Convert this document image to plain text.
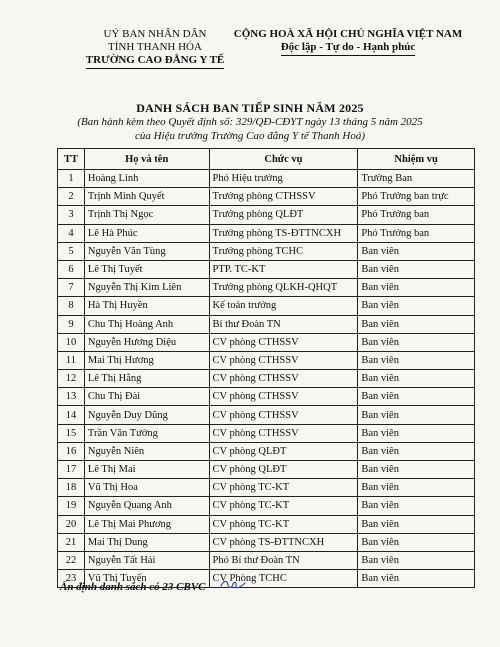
UỶ BAN NHÂN DÂN
TỈNH THANH HÓA
TRƯỜNG CAO ĐẲNG Y TẾ
CỘNG HOÀ XÃ HỘI CHỦ NGHĨA VIỆT NAM
Độc lập - Tự do - Hạnh phúc
DANH SÁCH BAN TIẾP SINH NĂM 2025
(Ban hành kèm theo Quyết định số: 329/QĐ-CĐYT ngày 13 tháng 5 năm 2025
của Hiệu trưởng Trường Cao đẳng Y tế Thanh Hoá)
TT	Họ và tên	Chức vụ	Nhiệm vụ
1	Hoàng Linh	Phó Hiệu trưởng	Trưởng Ban
2	Trịnh Minh Quyết	Trưởng phòng CTHSSV	Phó Trưởng ban trực
3	Trịnh Thị Ngọc	Trưởng phòng QLĐT	Phó Trưởng ban
4	Lê Hà Phúc	Trưởng phòng TS-ĐTTNCXH	Phó Trưởng ban
5	Nguyễn Văn Tùng	Trưởng phòng TCHC	Ban viên
6	Lê Thị Tuyết	PTP. TC-KT	Ban viên
7	Nguyễn Thị Kim Liên	Trưởng phòng QLKH-QHQT	Ban viên
8	Hà Thị Huyền	Kế toán trưởng	Ban viên
9	Chu Thị Hoàng Anh	Bí thư Đoàn TN	Ban viên
10	Nguyễn Hương Diệu	CV phòng CTHSSV	Ban viên
11	Mai Thị Hương	CV phòng CTHSSV	Ban viên
12	Lê Thị Hằng	CV phòng CTHSSV	Ban viên
13	Chu Thị Đài	CV phòng CTHSSV	Ban viên
14	Nguyễn Duy Dũng	CV phòng CTHSSV	Ban viên
15	Trần Văn Tường	CV phòng CTHSSV	Ban viên
16	Nguyễn Niên	CV phòng QLĐT	Ban viên
17	Lê Thị Mai	CV phòng QLĐT	Ban viên
18	Vũ Thị Hoa	CV phòng TC-KT	Ban viên
19	Nguyễn Quang Anh	CV phòng TC-KT	Ban viên
20	Lê Thị Mai Phương	CV phòng TC-KT	Ban viên
21	Mai Thị Dung	CV phòng TS-ĐTTNCXH	Ban viên
22	Nguyễn Tất Hải	Phó Bí thư Đoàn TN	Ban viên
23	Vũ Thị Tuyến	CV Phòng TCHC	Ban viên
Ấn định danh sách có 23 CBVC
